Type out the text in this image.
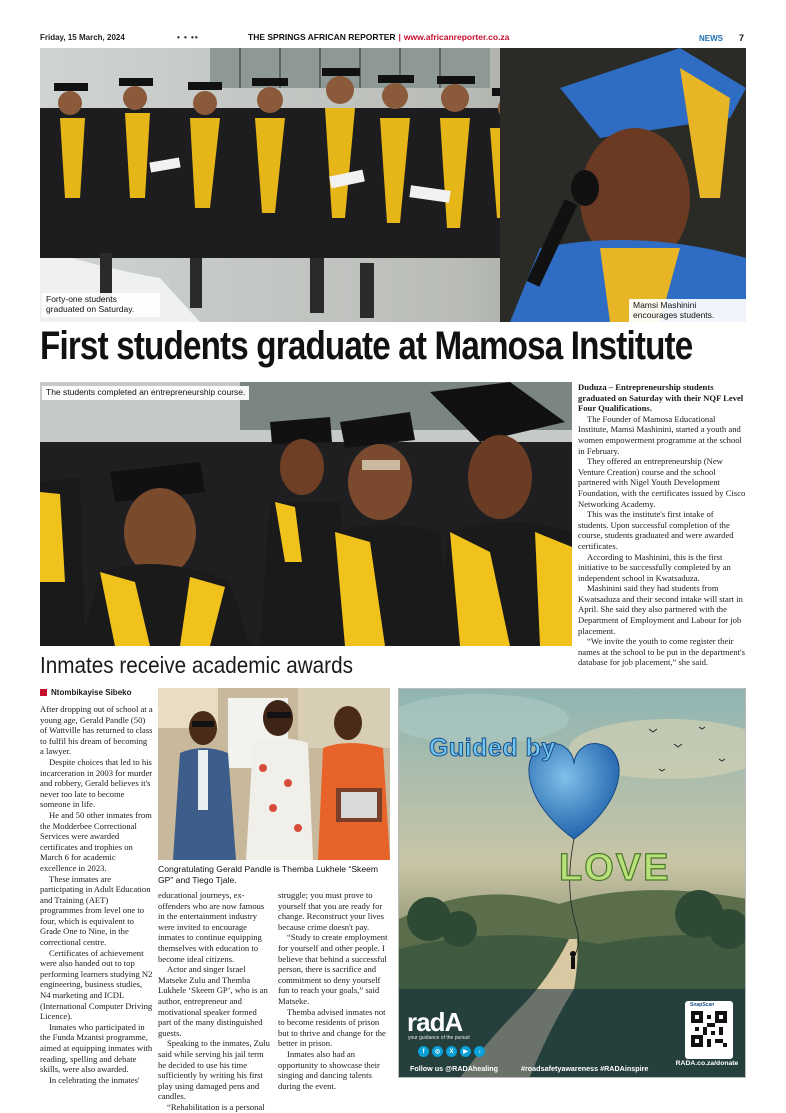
Friday, 15 March, 2024	• • ••	THE SPRINGS AFRICAN REPORTER | www.africanreporter.co.za	NEWS 7
Forty-one students graduated on Saturday.	Mamsi Mashinini encourages students.
First students graduate at Mamosa Institute
The students completed an entrepreneurship course.	Duduza – Entrepreneurship students graduated on Saturday with their NQF Level Four Qualifications.

The Founder of Mamosa Educational Institute, Mamsi Mashinini, started a youth and women empowerment programme at the school in February.

They offered an entrepreneurship (New Venture Creation) course and the school partnered with Nigel Youth Development Foundation, with the certificates issued by Cisco Networking Academy.

This was the institute's first intake of students. Upon successful completion of the course, students graduated and were awarded certificates.

According to Mashinini, this is the first initiative to be successfully completed by an independent school in Kwatsaduza.

Mashinini said they had students from Kwatsaduza and their second intake will start in April. She said they also partnered with the Department of Employment and Labour for job placement.

“We invite the youth to come register their names at the school to be put in the department's database for job placement,” she said.

Inmates receive academic awards
Ntombikayise Sibeko

After dropping out of school at a young age, Gerald Pandle (50) of Wattville has returned to class to fulfil his dream of becoming a lawyer.

Despite choices that led to his incarceration in 2003 for murder and robbery, Gerald believes it's never too late to become someone in life.

He and 50 other inmates from the Modderbee Correctional Services were awarded certificates and trophies on March 6 for academic excellence in 2023.

These inmates are participating in Adult Education and Training (AET) programmes from level one to four, which is equivalent to Grade One to Nine, in the correctional centre.

Certificates of achievement were also handed out to top performing learners studying N2 engineering, business studies, N4 marketing and ICDL (International Computer Driving Licence).

Inmates who participated in the Funda Mzantsi programme, aimed at equipping inmates with reading, spelling and debate skills, were also awarded.

In celebrating the inmates'

Congratulating Gerald Pandle is Themba Lukhele “Skeem GP” and Tiego Tjale.

educational journeys, ex-offenders who are now famous in the entertainment industry were invited to encourage inmates to continue equipping themselves with education to become ideal citizens.

Actor and singer Israel Matseke Zulu and Themba Lukhele ‘Skeem GP’, who is an author, entrepreneur and motivational speaker formed part of the many distinguished guests.

Speaking to the inmates, Zulu said while serving his jail term he decided to use his time sufficiently by writing his first play using damaged pens and candles.

“Rehabilitation is a personal

struggle; you must prove to yourself that you are ready for change. Reconstruct your lives because crime doesn't pay.

“Study to create employment for yourself and other people. I believe that behind a successful person, there is sacrifice and commitment so deny yourself fun to reach your goals,” said Matseke.

Themba advised inmates not to become residents of prison but to thrive and change for the better in prison.

Inmates also had an opportunity to showcase their singing and dancing talents during the event.

Guided by
LOVE
radA
your guidance of the pursuit
f	◎	X	▶	♪
Follow us @RADAhealing	#roadsafetyawareness #RADAinspire
SnapScan
Donate At
RADA.co.za/donate
